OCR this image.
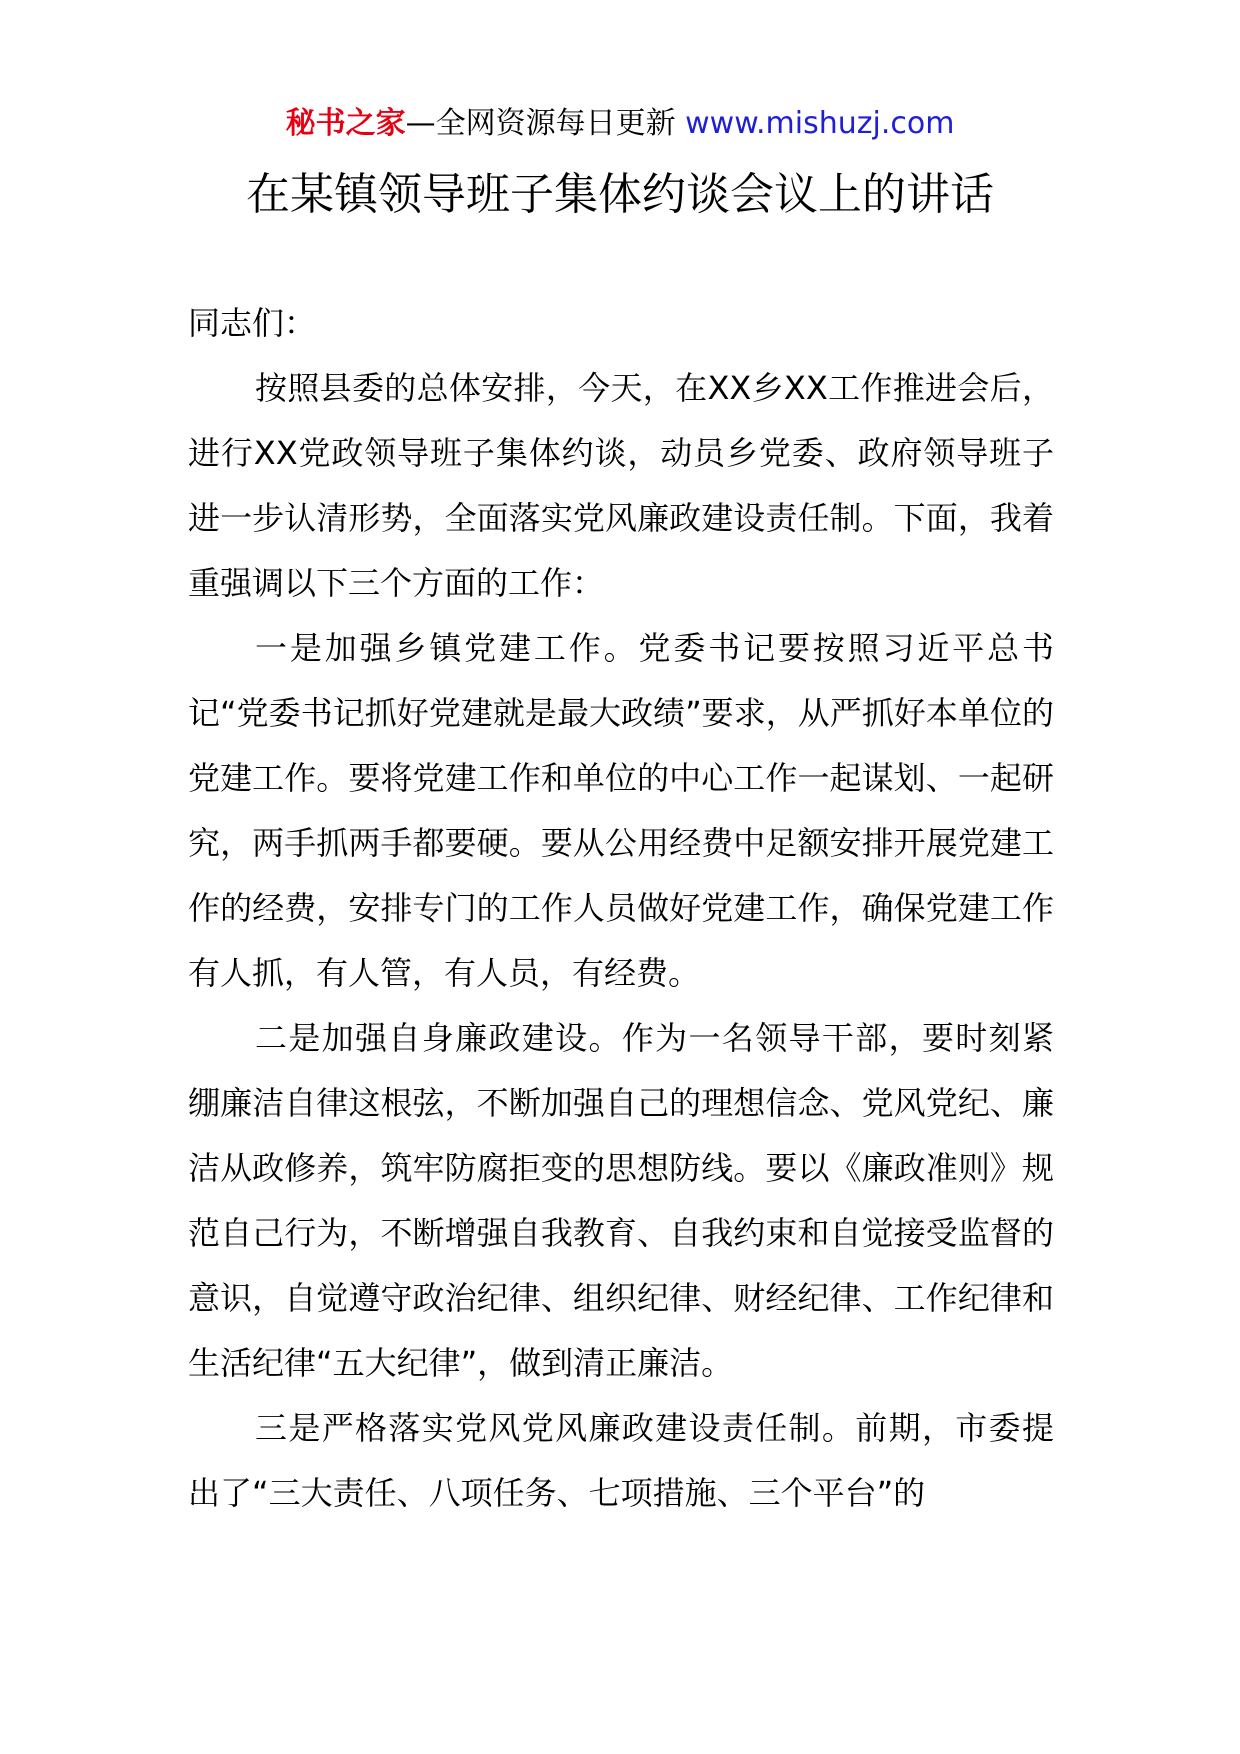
秘书之家—全网资源每日更新 www.mishuzj.com
在某镇领导班子集体约谈会议上的讲话

同志们：

按照县委的总体安排，今天，在XX乡XX工作推进会后，进行XX党政领导班子集体约谈，动员乡党委、政府领导班子进一步认清形势，全面落实党风廉政建设责任制。下面，我着重强调以下三个方面的工作：

一是加强乡镇党建工作。党委书记要按照习近平总书记“党委书记抓好党建就是最大政绩”要求，从严抓好本单位的党建工作。要将党建工作和单位的中心工作一起谋划、一起研究，两手抓两手都要硬。要从公用经费中足额安排开展党建工作的经费，安排专门的工作人员做好党建工作，确保党建工作有人抓，有人管，有人员，有经费。

二是加强自身廉政建设。作为一名领导干部，要时刻紧绷廉洁自律这根弦，不断加强自己的理想信念、党风党纪、廉洁从政修养，筑牢防腐拒变的思想防线。要以《廉政准则》规范自己行为，不断增强自我教育、自我约束和自觉接受监督的意识，自觉遵守政治纪律、组织纪律、财经纪律、工作纪律和生活纪律“五大纪律”，做到清正廉洁。

三是严格落实党风党风廉政建设责任制。前期，市委提出了“三大责任、八项任务、七项措施、三个平台”的
